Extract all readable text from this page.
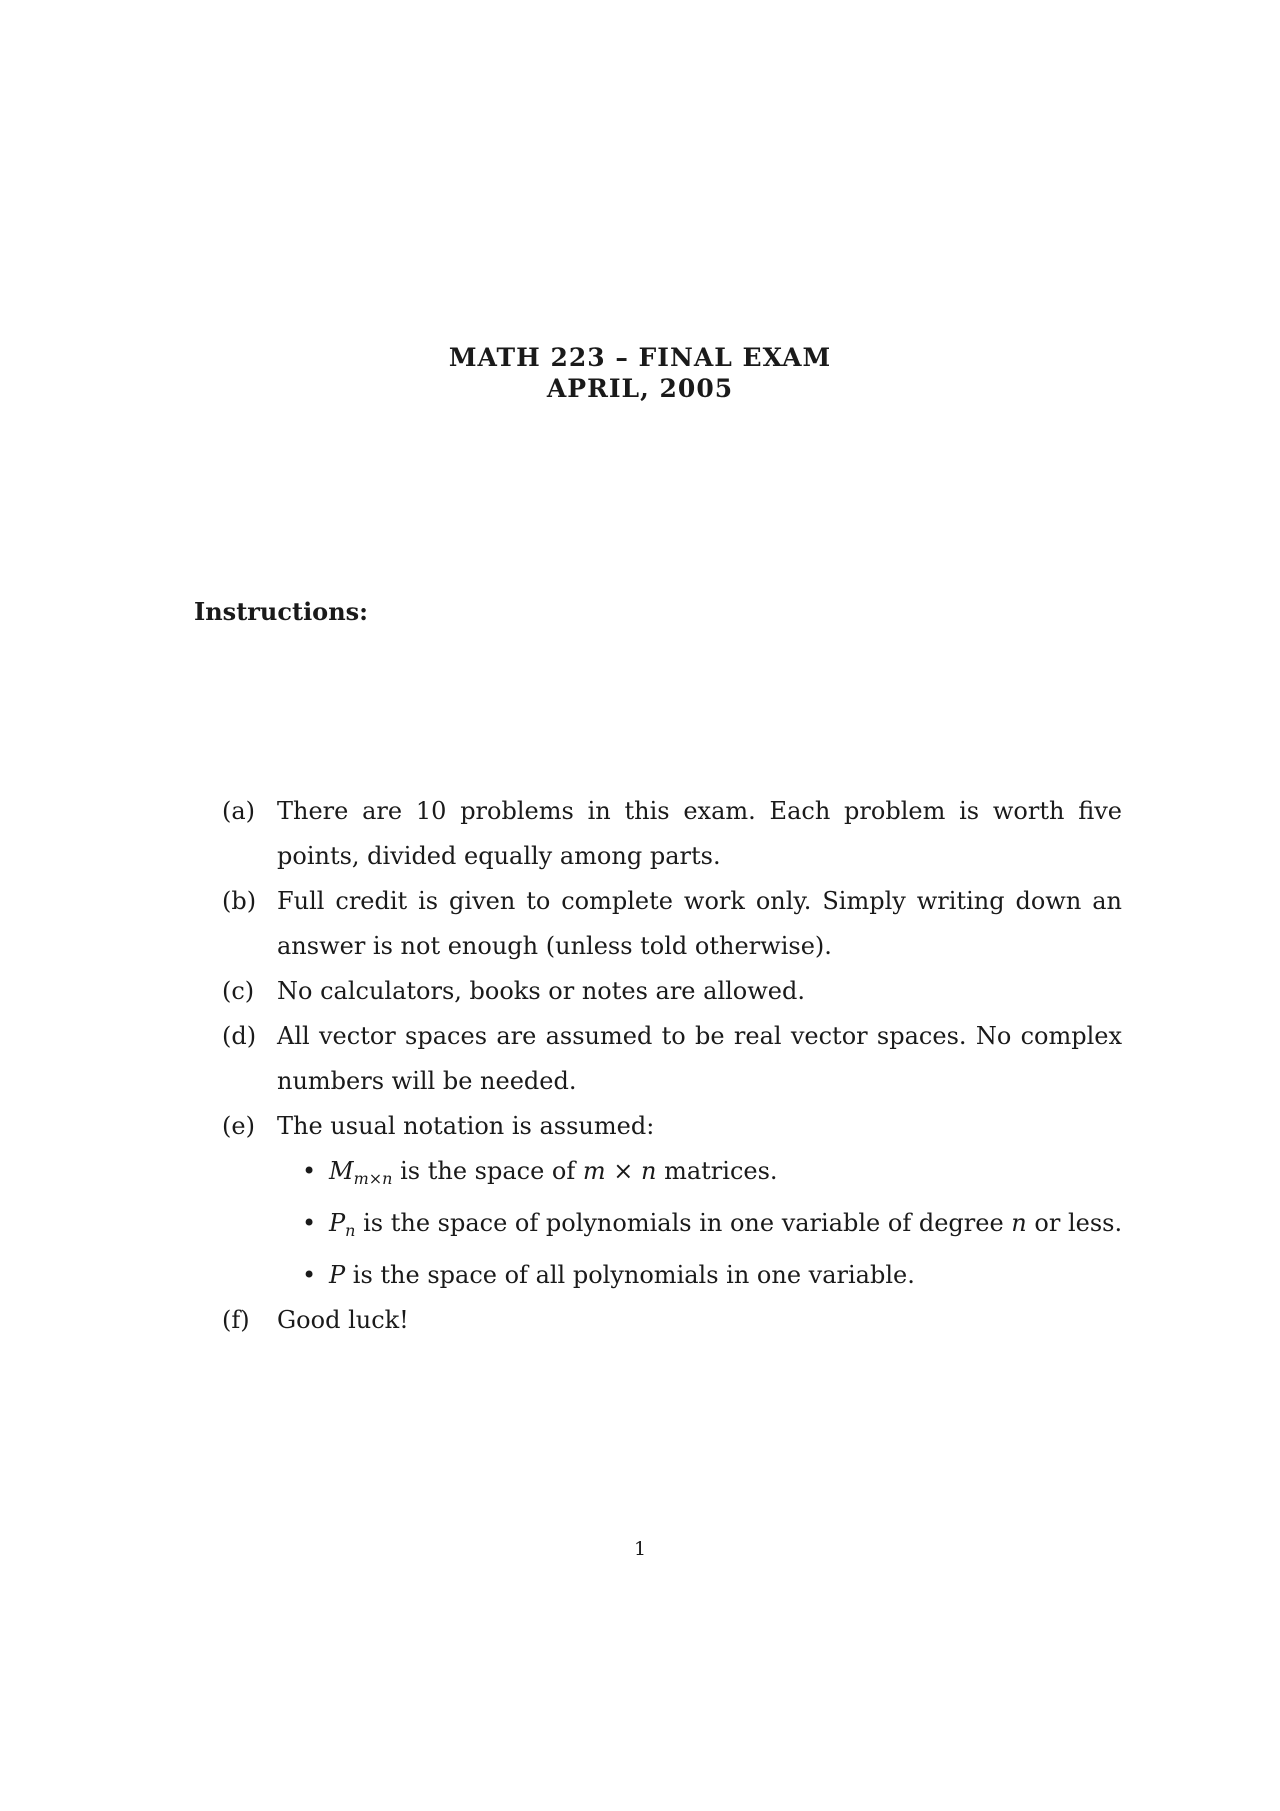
MATH 223 – FINAL EXAM
APRIL, 2005
Instructions:
(a) There are 10 problems in this exam. Each problem is worth five points, divided equally among parts.
(b) Full credit is given to complete work only. Simply writing down an answer is not enough (unless told otherwise).
(c) No calculators, books or notes are allowed.
(d) All vector spaces are assumed to be real vector spaces. No complex numbers will be needed.
(e) The usual notation is assumed:
• $M_{m\times n}$ is the space of m × n matrices.
• $P_n$ is the space of polynomials in one variable of degree n or less.
• P is the space of all polynomials in one variable.
(f)	Good luck!
1
